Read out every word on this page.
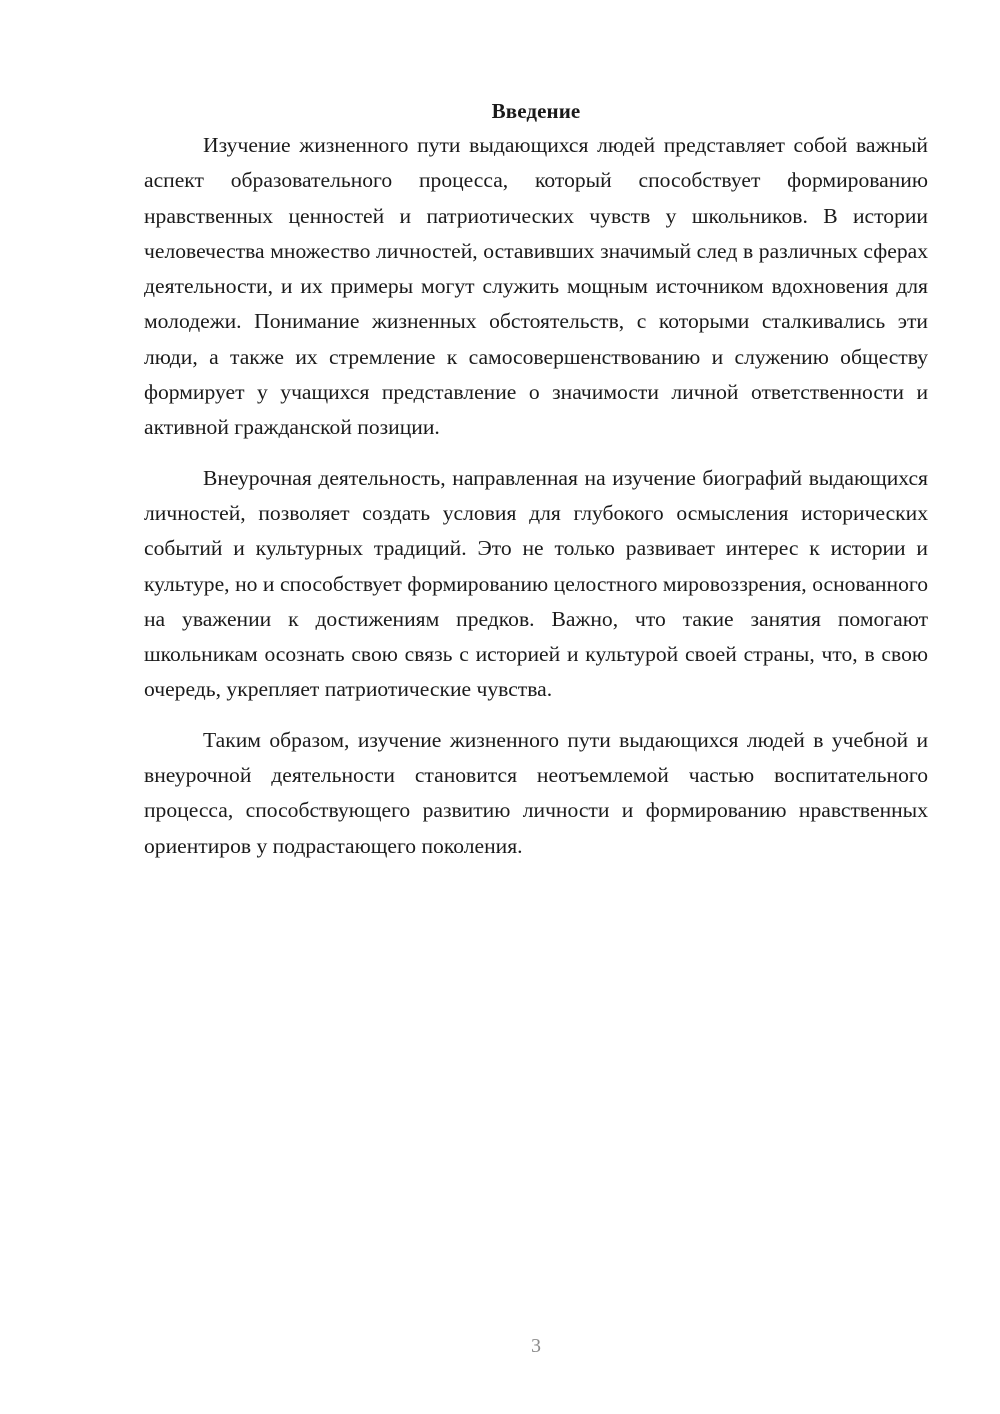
Введение

Изучение жизненного пути выдающихся людей представляет собой важный аспект образовательного процесса, который способствует формированию нравственных ценностей и патриотических чувств у школьников. В истории человечества множество личностей, оставивших значимый след в различных сферах деятельности, и их примеры могут служить мощным источником вдохновения для молодежи. Понимание жизненных обстоятельств, с которыми сталкивались эти люди, а также их стремление к самосовершенствованию и служению обществу формирует у учащихся представление о значимости личной ответственности и активной гражданской позиции.

Внеурочная деятельность, направленная на изучение биографий выдающихся личностей, позволяет создать условия для глубокого осмысления исторических событий и культурных традиций. Это не только развивает интерес к истории и культуре, но и способствует формированию целостного мировоззрения, основанного на уважении к достижениям предков. Важно, что такие занятия помогают школьникам осознать свою связь с историей и культурой своей страны, что, в свою очередь, укрепляет патриотические чувства.

Таким образом, изучение жизненного пути выдающихся людей в учебной и внеурочной деятельности становится неотъемлемой частью воспитательного процесса, способствующего развитию личности и формированию нравственных ориентиров у подрастающего поколения.

3
